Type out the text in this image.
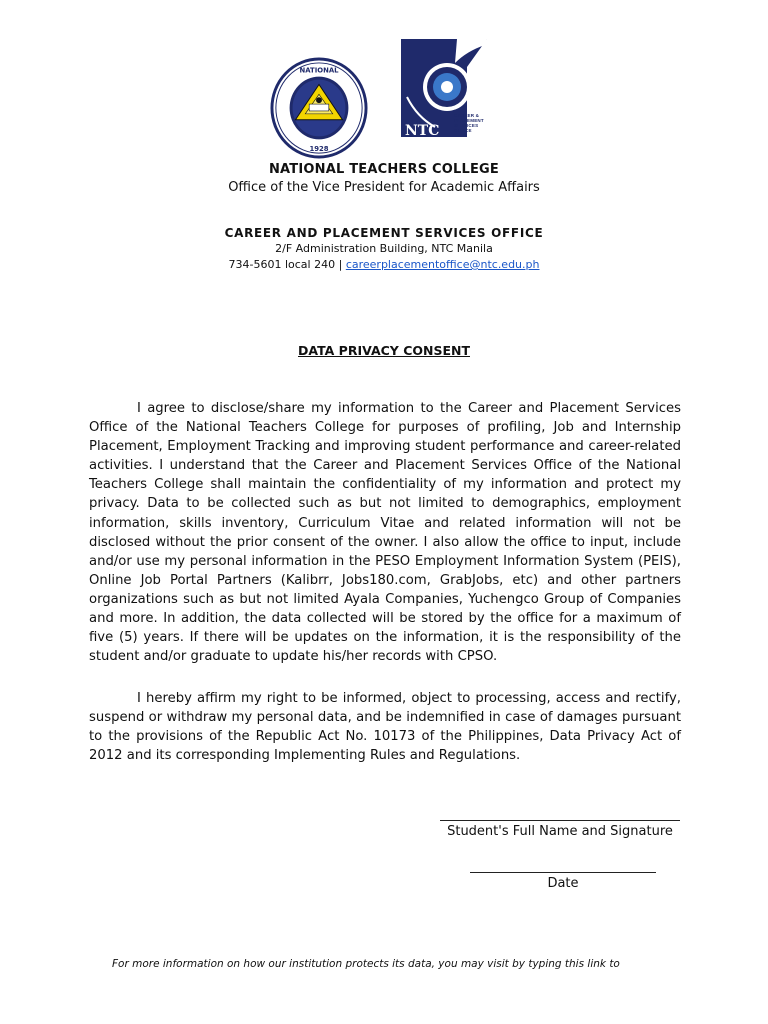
NATIONAL
1928
NTC
CAREER &
PLACEMENT
SERVICES
OFFICE
NATIONAL TEACHERS COLLEGE
Office of the Vice President for Academic Affairs
CAREER AND PLACEMENT SERVICES OFFICE
2/F Administration Building, NTC Manila
734-5601 local 240 | careerplacementoffice@ntc.edu.ph
DATA PRIVACY CONSENT

I agree to disclose/share my information to the Career and Placement Services Office of the National Teachers College for purposes of profiling, Job and Internship Placement, Employment Tracking and improving student performance and career-related activities. I understand that the Career and Placement Services Office of the National Teachers College shall maintain the confidentiality of my information and protect my privacy. Data to be collected such as but not limited to demographics, employment information, skills inventory, Curriculum Vitae and related information will not be disclosed without the prior consent of the owner. I also allow the office to input, include and/or use my personal information in the PESO Employment Information System (PEIS), Online Job Portal Partners (Kalibrr, Jobs180.com, GrabJobs, etc) and other partners organizations such as but not limited Ayala Companies, Yuchengco Group of Companies and more. In addition, the data collected will be stored by the office for a maximum of five (5) years. If there will be updates on the information, it is the responsibility of the student and/or graduate to update his/her records with CPSO.

I hereby affirm my right to be informed, object to processing, access and rectify, suspend or withdraw my personal data, and be indemnified in case of damages pursuant to the provisions of the Republic Act No. 10173 of the Philippines, Data Privacy Act of 2012 and its corresponding Implementing Rules and Regulations.

Student's Full Name and Signature
Date
For more information on how our institution protects its data, you may visit by typing this link to
